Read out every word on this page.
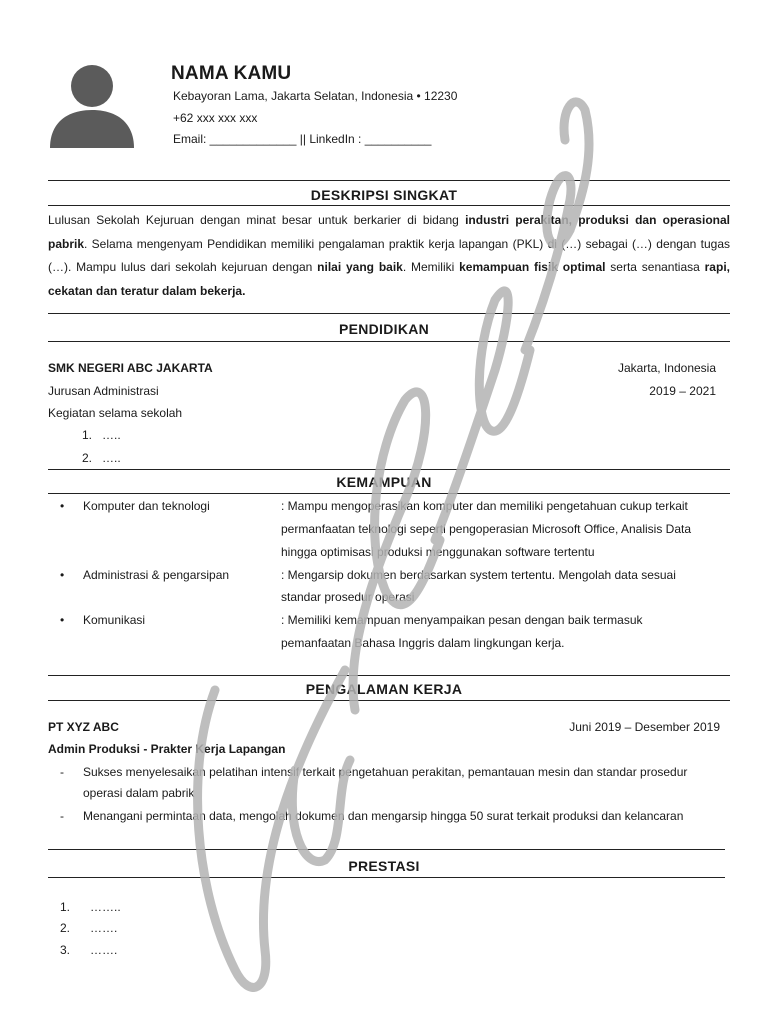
NAMA KAMU
Kebayoran Lama, Jakarta Selatan, Indonesia • 12230
+62 xxx xxx xxx
Email: _____________ || LinkedIn : __________
DESKRIPSI SINGKAT
Lulusan Sekolah Kejuruan dengan minat besar untuk berkarier di bidang industri perakitan, produksi dan operasional pabrik. Selama mengenyam Pendidikan memiliki pengalaman praktik kerja lapangan (PKL) di (…) sebagai (…) dengan tugas (…). Mampu lulus dari sekolah kejuruan dengan nilai yang baik. Memiliki kemampuan fisik optimal serta senantiasa rapi, cekatan dan teratur dalam bekerja.
PENDIDIKAN
SMK NEGERI ABC JAKARTA	Jakarta, Indonesia
Jurusan Administrasi	2019 – 2021
Kegiatan selama sekolah
1. …..
2. …..
KEMAMPUAN
• Komputer dan teknologi	: Mampu mengoperasikan komputer dan memiliki pengetahuan cukup terkait
permanfaatan teknologi seperti pengoperasian Microsoft Office, Analisis Data
hingga optimisasi produksi menggunakan software tertentu
• Administrasi & pengarsipan	: Mengarsip dokumen berdasarkan system tertentu. Mengolah data sesuai
standar prosedur operasi
• Komunikasi	: Memiliki kemampuan menyampaikan pesan dengan baik termasuk
pemanfaatan Bahasa Inggris dalam lingkungan kerja.
PENGALAMAN KERJA
PT XYZ ABC	Juni 2019 – Desember 2019
Admin Produksi - Prakter Kerja Lapangan
- Sukses menyelesaikan pelatihan intensif terkait pengetahuan perakitan, pemantauan mesin dan standar prosedur
operasi dalam pabrik
- Menangani permintaan data, mengolah dokumen dan mengarsip hingga 50 surat terkait produksi dan kelancaran
PRESTASI
1. ……..
2. …….
3. …….
